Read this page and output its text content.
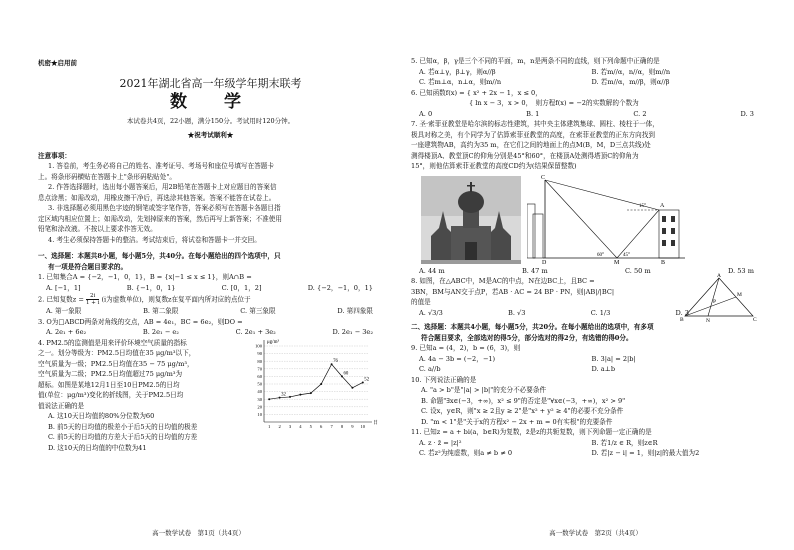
机密★启用前
2021年湖北省高一年级学年期末联考
数　学
本试卷共4页，22小题，满分150分。考试用时120分钟。
★祝考试顺利★
注意事项：
1. 答卷前，考生务必将自己的姓名、准考证号、考场号和座位号填写在答题卡
上。将条形码横贴在答题卡上"条形码粘贴处"。
2. 作答选择题时，选出每小题答案后，用2B铅笔在答题卡上对应题目的答案信
息点涂黑；如需改动，用橡皮擦干净后，再选涂其他答案。答案不能答在试卷上。
3. 非选择题必须用黑色字迹的钢笔或签字笔作答，答案必须写在答题卡各题目指
定区域内相应位置上；如需改动，先划掉原来的答案，然后再写上新答案；不准使用
铅笔和涂改液。不按以上要求作答无效。
4. 考生必须保持答题卡的整洁。考试结束后，将试卷和答题卡一并交回。
一、选择题：本题共8小题，每小题5分，共40分。在每小题给出的四个选项中，只
有一项是符合题目要求的。
1. 已知集合A = {−2，−1，0，1}，B = {x|−1 ≤ x ≤ 1}，则A∩B =
A. [−1，1]	B. {−1，0，1}	C. [0，1，2]	D. {−2，−1，0，1}
2. 已知复数$z = \frac{2i}{1 + i} (i$为虚数单位)，则复数z在复平面内所对应的点位于
A. 第一象限	B. 第二象限	C. 第三象限	D. 第四象限
3. O为□ABCD两条对角线的交点，AB = 4e₁，BC = 6e₂，则DO =
A. 2e₁ + 6e₂	B. 2e₁ − e₂	C. 2e₁ + 3e₂	D. 2e₁ − 3e₂
4. PM2.5的监测值是用来评价环境空气质量的指标
之一。划分等级为：PM2.5日均值在35 μg/m³以下，
空气质量为一级；PM2.5日均值在35 − 75 μg/m³，
空气质量为二级；PM2.5日均值超过75 μg/m³为
超标。如图是某地12月1日至10日PM2.5的日均
值(单位：μg/m³)变化的折线图，关于PM2.5日均
值说法正确的是
100
90
80
70
60
50
40
30
20
10
μg/m³
日
1 2 3 4 5 6 7 8 9 10
32
76
60
52
A. 这10天日均值的80%分位数为60
B. 前5天的日均值的极差小于后5天的日均值的极差
C. 前5天的日均值的方差大于后5天的日均值的方差
D. 这10天的日均值的中位数为41
高一数学试卷　第1页（共4页）
5. 已知α，β，γ是三个不同的平面，m，n是两条不同的直线，则下列命题中正确的是
A. 若α⊥γ，β⊥γ，则α//β	B. 若m//α，n//α，则m//n
C. 若m⊥α，n⊥α，则m//n	D. 若m//α，m//β，则α//β
6. 已知函数f(x) = { x² + 2x − 1，x ≤ 0，
{ ln x − 3，x > 0，　则方程f(x) = −2的实数解的个数为
A. 0	B. 1	C. 2	D. 3
7. 圣·索菲亚教堂是哈尔滨的标志性建筑，其中央主体建筑集球、圆柱、棱柱于一体，
极具对称之美，有个同学为了估算索菲亚教堂的高度，在索菲亚教堂的正东方向找到
一座建筑物AB，高约为35 m，在它们之间的地面上的点M(B，M，D三点共线)处
测得楼顶A、教堂顶C的仰角分别是45°和60°，在楼顶A处测得塔顶C的仰角为
15°，则他估算索菲亚教堂的高度CD约为(结果保留整数)
C
A
B
M
D
15°
60°	45°
A. 44 m	B. 47 m	C. 50 m	D. 53 m
8. 如图，在△ABC中，M是AC的中点，N在边BC上，且BC =
3BN，BM与AN交于点P，若AB · AC = 24 BP · PN，则|AB|/|BC|
的值是
A
B	C
M
N
P
A. √3/3	B. √3	C. 1/3	D. 3
二、选择题：本题共4小题，每小题5分，共20分。在每小题给出的选项中，有多项
符合题目要求，全部选对的得5分，部分选对的得2分，有选错的得0分。
9. 已知a = (4，2)，b = (6，3)，则
A. 4a − 3b = (−2，−1)	B. 3|a| = 2|b|
C. a//b	D. a⊥b
10. 下列说法正确的是
A. "a > b"是"|a| > |b|"的充分不必要条件
B. 命题"∃x∈(−3，+∞)，x² ≤ 9"的否定是"∀x∈(−3，+∞)，x² > 9"
C. 设x，y∈R，则"x ≥ 2且y ≥ 2"是"x² + y² ≥ 4"的必要不充分条件
D. "m < 1"是"关于x的方程x² − 2x + m = 0有实根"的充要条件
11. 已知z = a + bi(a，b∈R)为复数，z̄是z的共轭复数，则下列命题一定正确的是
A. z · z̄ = |z|²	B. 若1/z ∈ R，则z∈R
C. 若z²为纯虚数，则a ≠ b ≠ 0	D. 若|z − i| = 1，则|z|的最大值为2
高一数学试卷　第2页（共4页）
